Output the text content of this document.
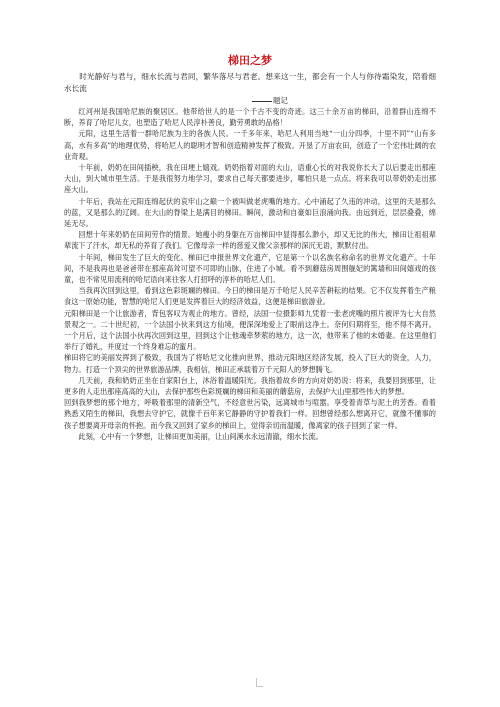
梯田之梦

时光静好与君与，细水长流与君同，繁华落尽与君老。想来这一生，都会有一个人与你待霜染发，陪看细水长流

题记

红河州是我国哈尼族的聚居区。他带给世人的是一个千古不变的奇迹。这三十余万亩的梯田，沿着群山连绵不断，养育了哈尼儿女，也塑造了哈尼人民淳朴善良，勤劳勇敢的品格！

元阳，这里生活着一群哈尼族为主的各族人民。一千多年来，哈尼人利用当地“一山分四季，十里不同”“山有多高，水有多高”的地理优势，将哈尼人的聪明才智和创造精神发挥了极致。开垦了万亩农田，创造了一个宏伟壮阔的农业奇观。

十年前，奶奶在田间插秧，我在田埂上嬉戏。奶奶指着对面的大山，语重心长的对我说你长大了以后要走出那座大山，到大城市里生活。于是我很努力地学习，要求自己每天都要进步，哪怕只是一点点。将来我可以带奶奶走出那座大山。

十年后，我站在元阳连绵起伏的哀牢山之巅一个被叫做老虎嘴的地方。心中涌起了久违的冲动，这里的天是那么的蓝，又是那么的辽阔。在大山的脊梁上是满目的梯田。瞬间，激动和自豪如巨浪涌向我。由远到近，层层叠叠，绵延无尽。

回想十年来奶奶在田间劳作的情景。她瘦小的身躯在万亩梯田中显得那么渺小，却又无比的伟大，梯田让祖祖辈辈流下了汗水，却无私的养育了我们。它像母亲一样的慈爱又像父亲那样的深沉无语，默默付出。

十年间，梯田发生了巨大的变化。梯田已申报世界文化遗产，它是第一个以名族名称命名的世界文化遗产。十年间，不是我再也是爸爸带在那座高耸可望不可即的山脉，住进了小城。看不到蘑菇房周围舰妃的篱墙和田间嬉戏的孩童，也不常见用流利的哈尼语向来往客人打招呼的淳朴的哈尼人们。

当我再次回到这里，看到这色彩斑斓的梯田。今日的梯田是万千哈尼人民辛苦耕耘的结果。它不仅发挥着生产粮食这一原始功能，智慧的哈尼人们更是发挥着巨大的经济效益，这便是梯田旅游业。

元阳梯田是一个让旅游者，背包客叹为观止的地方。曾经，法国一位摄影师九凭着一张老虎嘴的照片被评为七大自然景观之一。二十世纪初，一个法国小伙来到这方仙境，便深深地爱上了眼前这净土。奈何归期将至，他不得不离开。一个月后，这个法国小伙再次回到这里，回到这个让他魂牵梦萦的地方，这一次，他带来了他的未婚妻。在这里他们举行了婚礼，并度过一个终身难忘的蜜月。

梯田将它的美丽发挥到了极致，我国为了将哈尼文化推向世界，推动元阳地区经济发展，投入了巨大的资金，人力，物力。打造一个顶尖的世界旅游品牌，我相信，梯田正承载着万千元阳人的梦想腾飞。

几天前，我和奶奶正坐在自家阳台上，沐浴着温暖阳光。我指着故乡的方向对奶奶说：将来，我要回到那里，让更多的人走出那座高高的大山，去保护那些色彩斑斓的梯田和美丽的蘑菇房，去保护大山里那些伟大的梦想。

回到我梦想的那个地方，呼吸着那里的清新空气，不经意世污染，远离城市与喧嚣。享受着青草与泥土的芳香。看着熟悉又陌生的梯田，我想去守护它，就像千百年来它静静的守护着我们一样。回想曾经那么想离开它，就像不懂事的孩子想要离开母亲的怀抱。而今我又回到了家乡的梯田上，觉得亲切而温暖，像离家的孩子回到了家一样。

此刻，心中有一个梦想，让梯田更加美丽，让山间溪水永远清澈，细水长流。
